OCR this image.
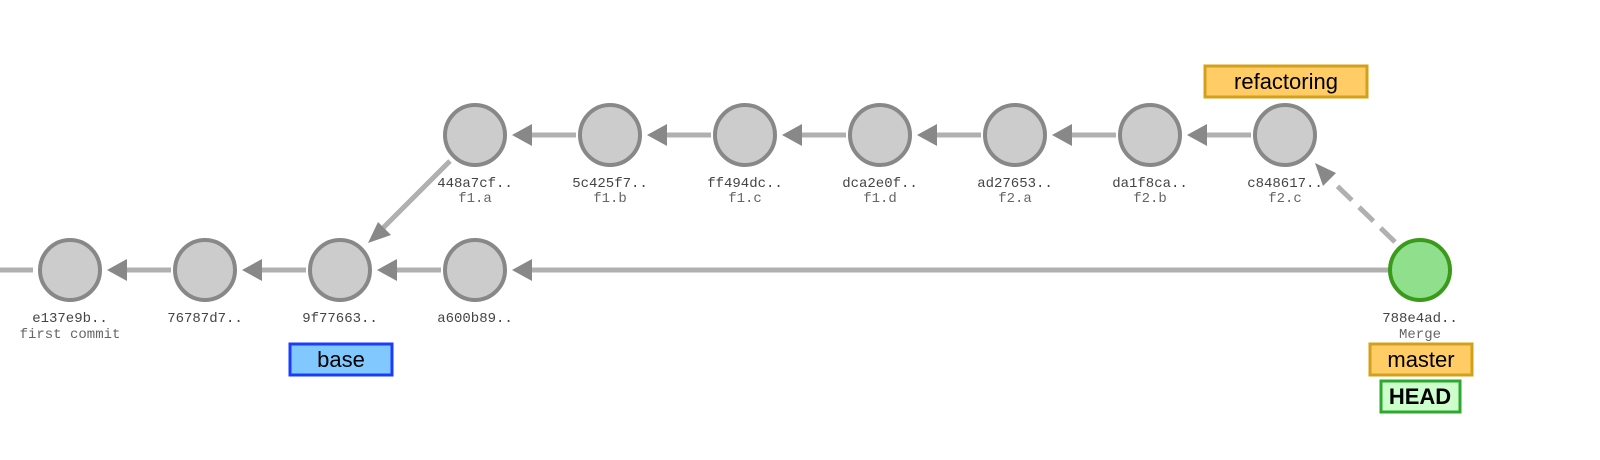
e137e9b..
first commit
76787d7..	9f77663..	a600b89..
448a7cf..
f1.a
5c425f7..
f1.b
ff494dc..
f1.c
dca2e0f..
f1.d
ad27653..
f2.a
da1f8ca..
f2.b
c848617..
f2.c
788e4ad..
Merge
base
refactoring
master
HEAD
